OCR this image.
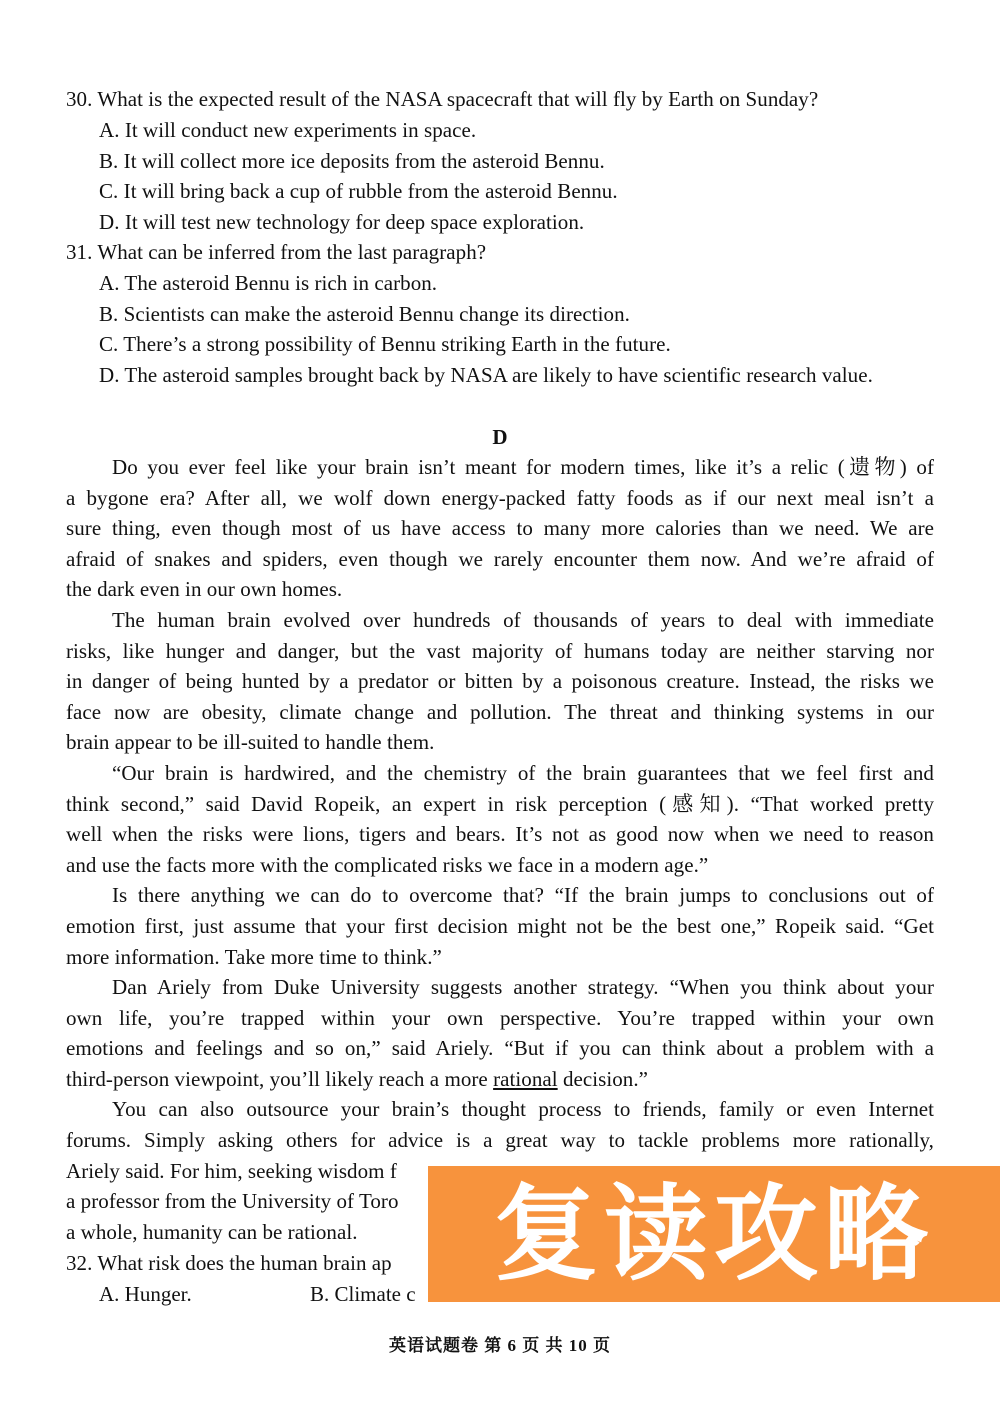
30. What is the expected result of the NASA spacecraft that will fly by Earth on Sunday?
A. It will conduct new experiments in space.
B. It will collect more ice deposits from the asteroid Bennu.
C. It will bring back a cup of rubble from the asteroid Bennu.
D. It will test new technology for deep space exploration.
31. What can be inferred from the last paragraph?
A. The asteroid Bennu is rich in carbon.
B. Scientists can make the asteroid Bennu change its direction.
C. There’s a strong possibility of Bennu striking Earth in the future.
D. The asteroid samples brought back by NASA are likely to have scientific research value.
D
Do you ever feel like your brain isn’t meant for modern times, like it’s a relic (遗物) of
a bygone era? After all, we wolf down energy-packed fatty foods as if our next meal isn’t a
sure thing, even though most of us have access to many more calories than we need. We are
afraid of snakes and spiders, even though we rarely encounter them now. And we’re afraid of
the dark even in our own homes.
The human brain evolved over hundreds of thousands of years to deal with immediate
risks, like hunger and danger, but the vast majority of humans today are neither starving nor
in danger of being hunted by a predator or bitten by a poisonous creature. Instead, the risks we
face now are obesity, climate change and pollution. The threat and thinking systems in our
brain appear to be ill-suited to handle them.
“Our brain is hardwired, and the chemistry of the brain guarantees that we feel first and
think second,” said David Ropeik, an expert in risk perception (感知). “That worked pretty
well when the risks were lions, tigers and bears. It’s not as good now when we need to reason
and use the facts more with the complicated risks we face in a modern age.”
Is there anything we can do to overcome that? “If the brain jumps to conclusions out of
emotion first, just assume that your first decision might not be the best one,” Ropeik said. “Get
more information. Take more time to think.”
Dan Ariely from Duke University suggests another strategy. “When you think about your
own life, you’re trapped within your own perspective. You’re trapped within your own
emotions and feelings and so on,” said Ariely. “But if you can think about a problem with a
third-person viewpoint, you’ll likely reach a more rational decision.”
You can also outsource your brain’s thought process to friends, family or even Internet
forums. Simply asking others for advice is a great way to tackle problems more rationally,
Ariely said. For him, seeking wisdom f
a professor from the University of Toro
a whole, humanity can be rational.
32. What risk does the human brain ap
A. Hunger.	B. Climate c 复读攻略
英语试题卷 第 6 页 共 10 页
